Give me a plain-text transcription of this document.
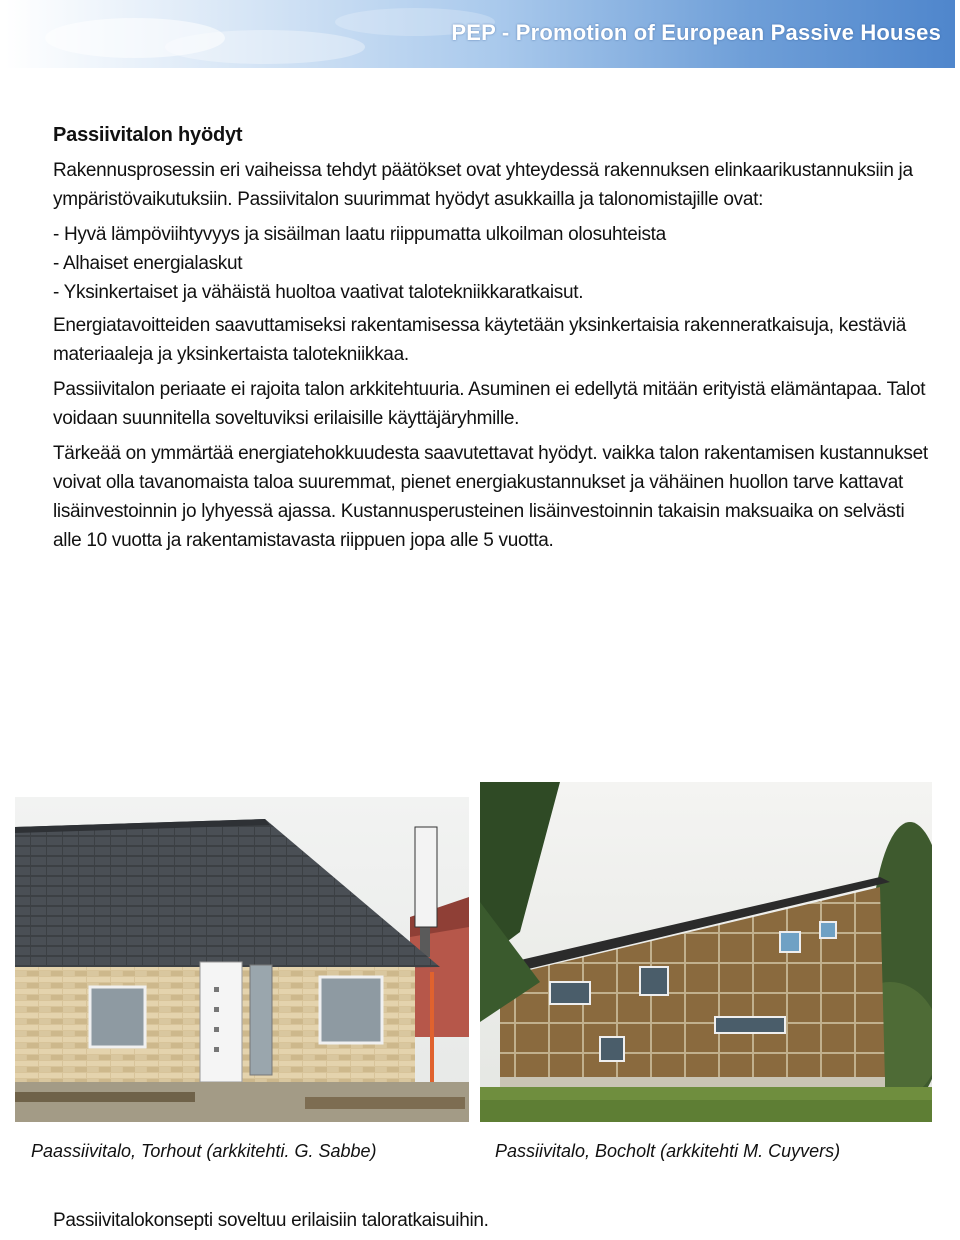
PEP - Promotion of European Passive Houses
Passiivitalon hyödyt
Rakennusprosessin eri vaiheissa tehdyt päätökset ovat yhteydessä rakennuksen elinkaarikustannuksiin ja ympäristövaikutuksiin. Passiivitalon suurimmat hyödyt asukkailla ja talonomistajille ovat:
- Hyvä lämpöviihtyvyys ja sisäilman laatu riippumatta ulkoilman olosuhteista
- Alhaiset energialaskut
- Yksinkertaiset ja vähäistä huoltoa vaativat talotekniikkaratkaisut.
Energiatavoitteiden saavuttamiseksi rakentamisessa käytetään yksinkertaisia rakenneratkaisuja, kestäviä materiaaleja ja yksinkertaista talotekniikkaa.
Passiivitalon periaate ei rajoita talon arkkitehtuuria. Asuminen ei edellytä mitään erityistä elämäntapaa. Talot voidaan suunnitella soveltuviksi erilaisille käyttäjäryhmille.
Tärkeää on ymmärtää energiatehokkuudesta saavutettavat hyödyt. vaikka talon rakentamisen kustannukset voivat olla tavanomaista taloa suuremmat, pienet energiakustannukset ja vähäinen huollon tarve kattavat lisäinvestoinnin jo lyhyessä ajassa. Kustannusperusteinen lisäinvestoinnin takaisin maksuaika on selvästi alle 10 vuotta ja rakentamistavasta riippuen jopa alle 5 vuotta.
Paassiivitalo, Torhout (arkkitehti. G. Sabbe)	Passiivitalo, Bocholt (arkkitehti M. Cuyvers)
Passiivitalokonsepti soveltuu erilaisiin taloratkaisuihin.
